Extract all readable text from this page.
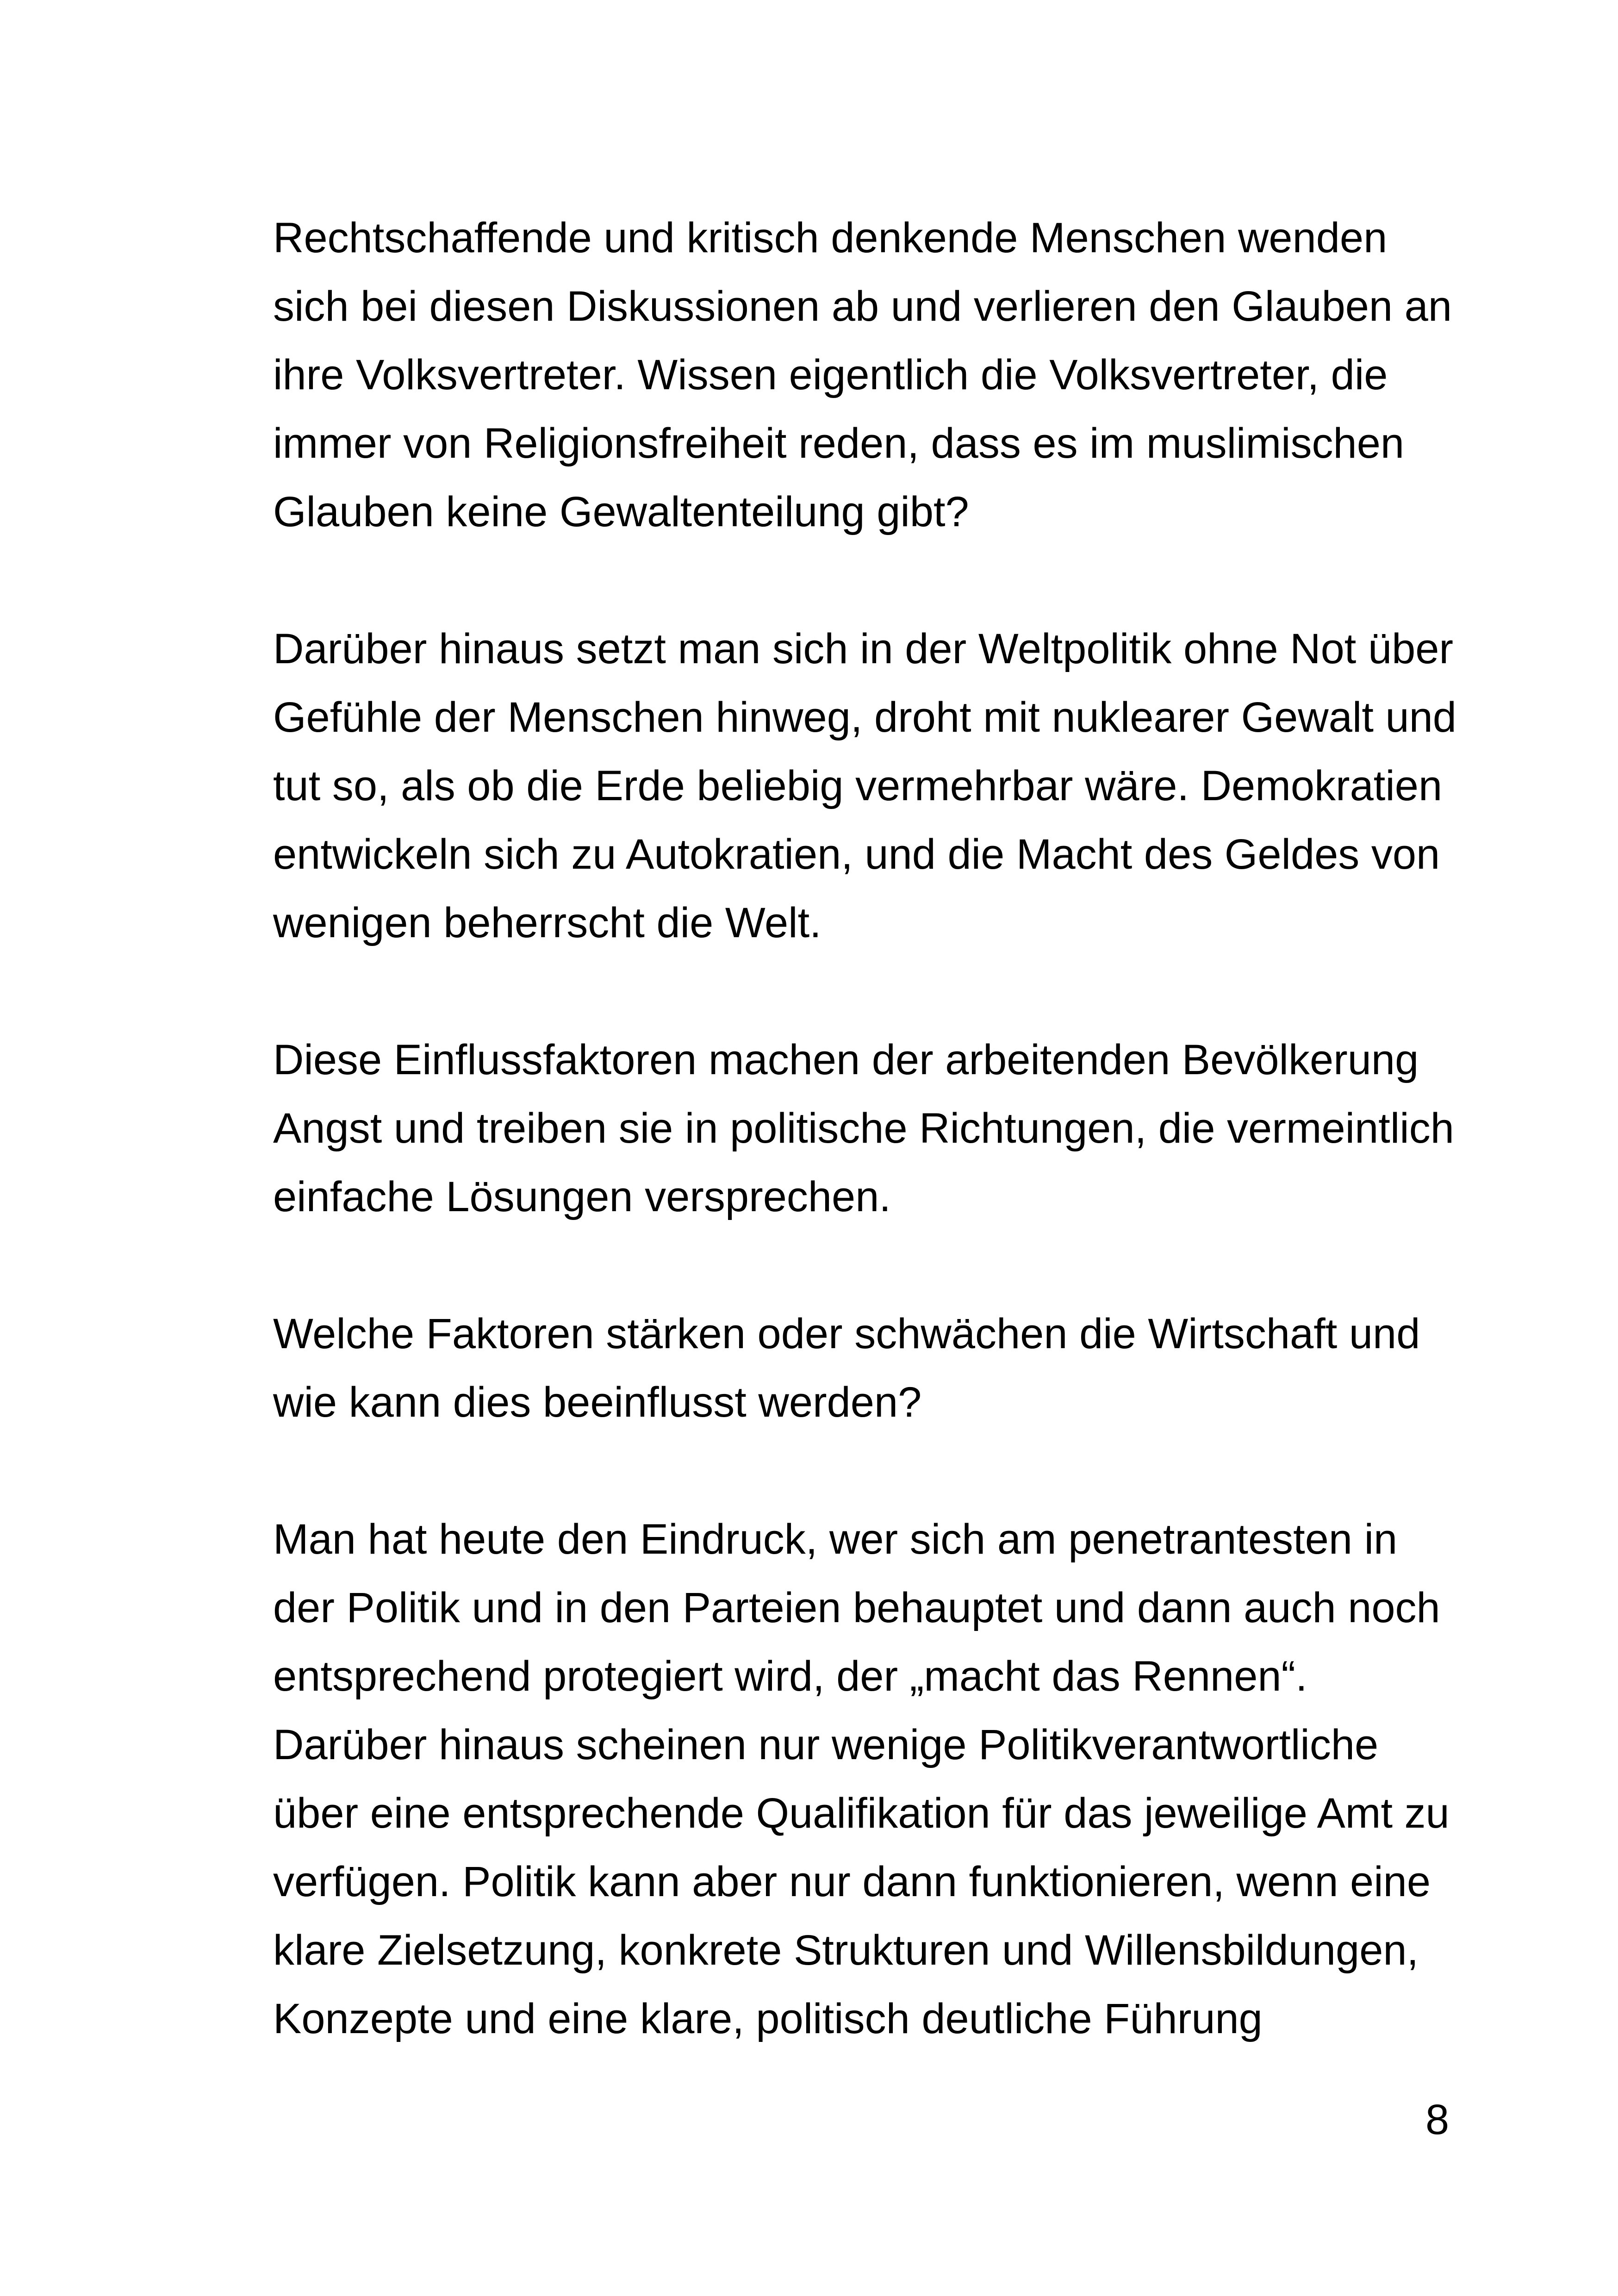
Rechtschaffende und kritisch denkende Menschen wenden
sich bei diesen Diskussionen ab und verlieren den Glauben an
ihre Volksvertreter. Wissen eigentlich die Volksvertreter, die
immer von Religionsfreiheit reden, dass es im muslimischen
Glauben keine Gewaltenteilung gibt?

Darüber hinaus setzt man sich in der Weltpolitik ohne Not über
Gefühle der Menschen hinweg, droht mit nuklearer Gewalt und
tut so, als ob die Erde beliebig vermehrbar wäre. Demokratien
entwickeln sich zu Autokratien, und die Macht des Geldes von
wenigen beherrscht die Welt.

Diese Einflussfaktoren machen der arbeitenden Bevölkerung
Angst und treiben sie in politische Richtungen, die vermeintlich
einfache Lösungen versprechen.

Welche Faktoren stärken oder schwächen die Wirtschaft und
wie kann dies beeinflusst werden?

Man hat heute den Eindruck, wer sich am penetrantesten in
der Politik und in den Parteien behauptet und dann auch noch
entsprechend protegiert wird, der „macht das Rennen“.
Darüber hinaus scheinen nur wenige Politikverantwortliche
über eine entsprechende Qualifikation für das jeweilige Amt zu
verfügen. Politik kann aber nur dann funktionieren, wenn eine
klare Zielsetzung, konkrete Strukturen und Willensbildungen,
Konzepte und eine klare, politisch deutliche Führung

8
